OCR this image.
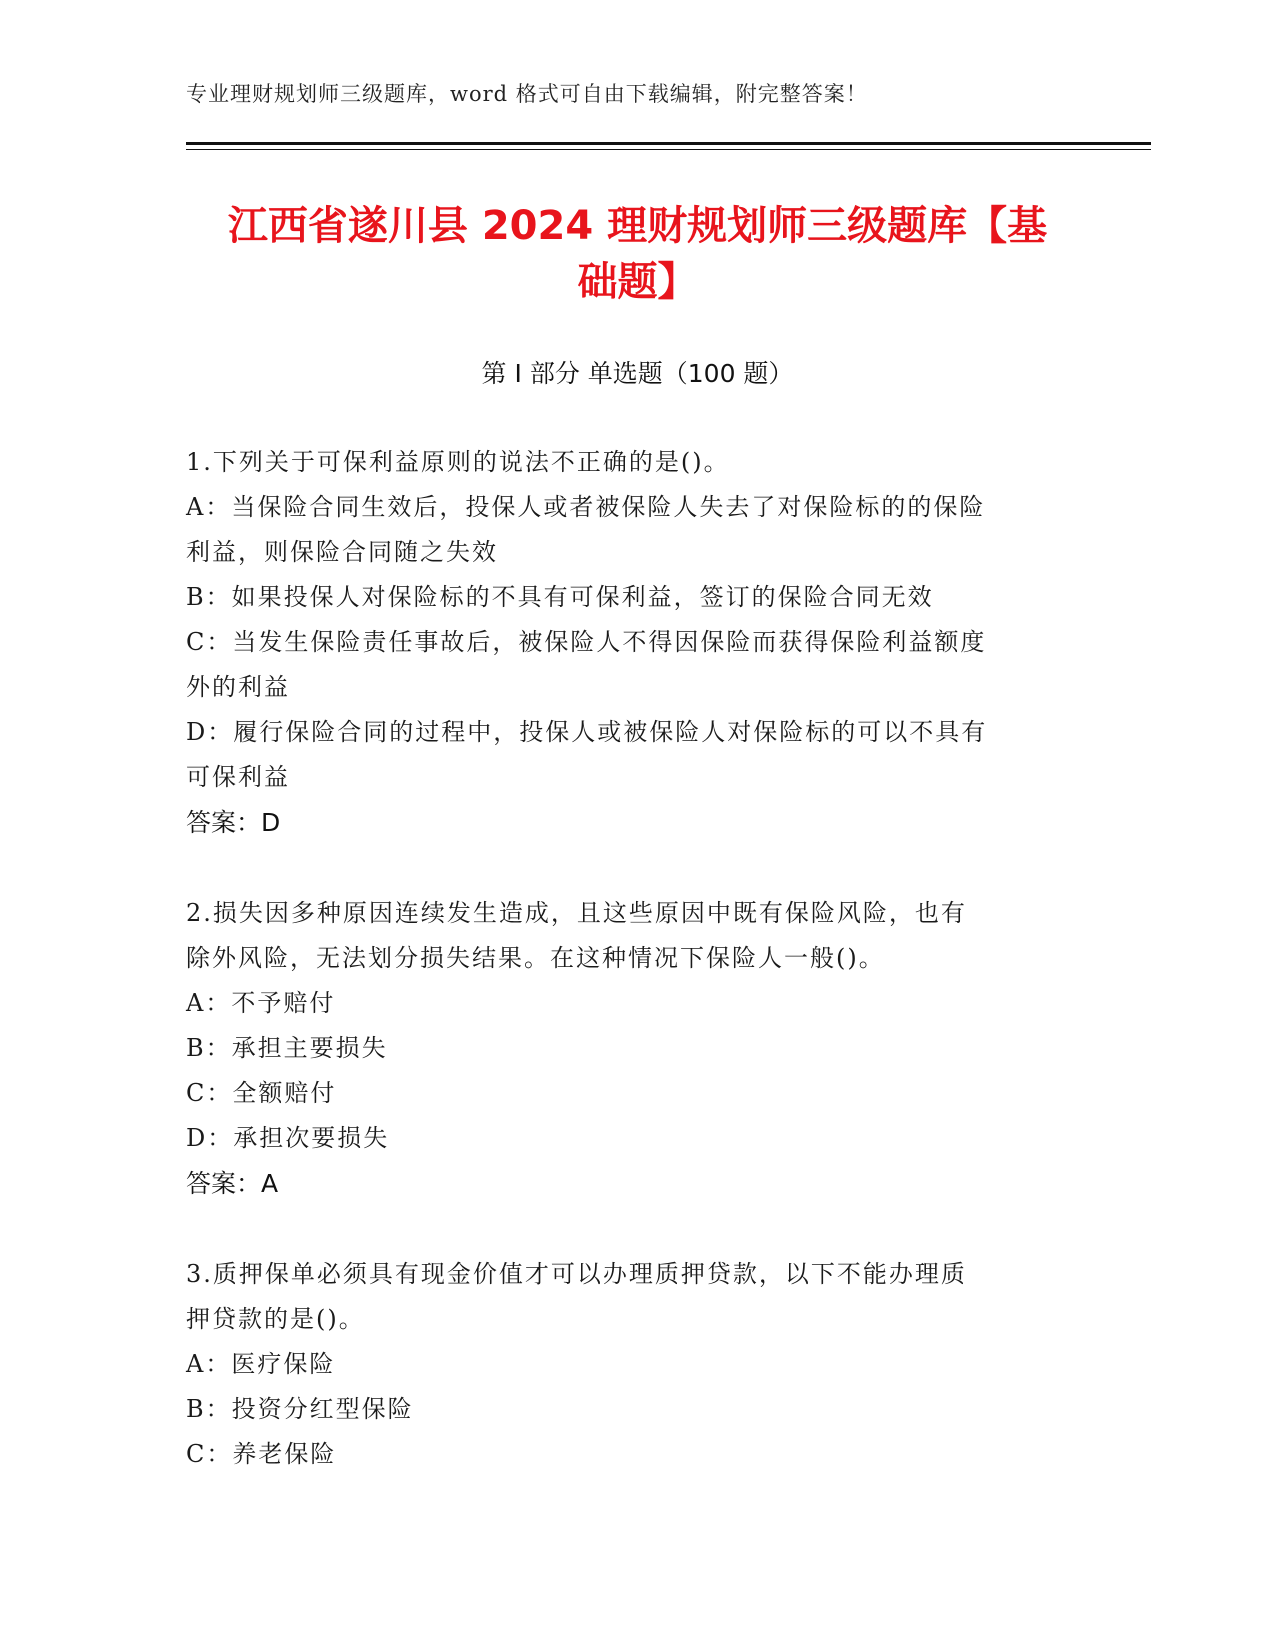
专业理财规划师三级题库，word 格式可自由下载编辑，附完整答案！
江西省遂川县 2024 理财规划师三级题库【基
础题】
第 I 部分 单选题（100 题）
1.下列关于可保利益原则的说法不正确的是()。
A：当保险合同生效后，投保人或者被保险人失去了对保险标的的保险
利益，则保险合同随之失效
B：如果投保人对保险标的不具有可保利益，签订的保险合同无效
C：当发生保险责任事故后，被保险人不得因保险而获得保险利益额度
外的利益
D：履行保险合同的过程中，投保人或被保险人对保险标的可以不具有
可保利益
答案：D
2.损失因多种原因连续发生造成，且这些原因中既有保险风险，也有
除外风险，无法划分损失结果。在这种情况下保险人一般()。
A：不予赔付
B：承担主要损失
C：全额赔付
D：承担次要损失
答案：A
3.质押保单必须具有现金价值才可以办理质押贷款，以下不能办理质
押贷款的是()。
A：医疗保险
B：投资分红型保险
C：养老保险
